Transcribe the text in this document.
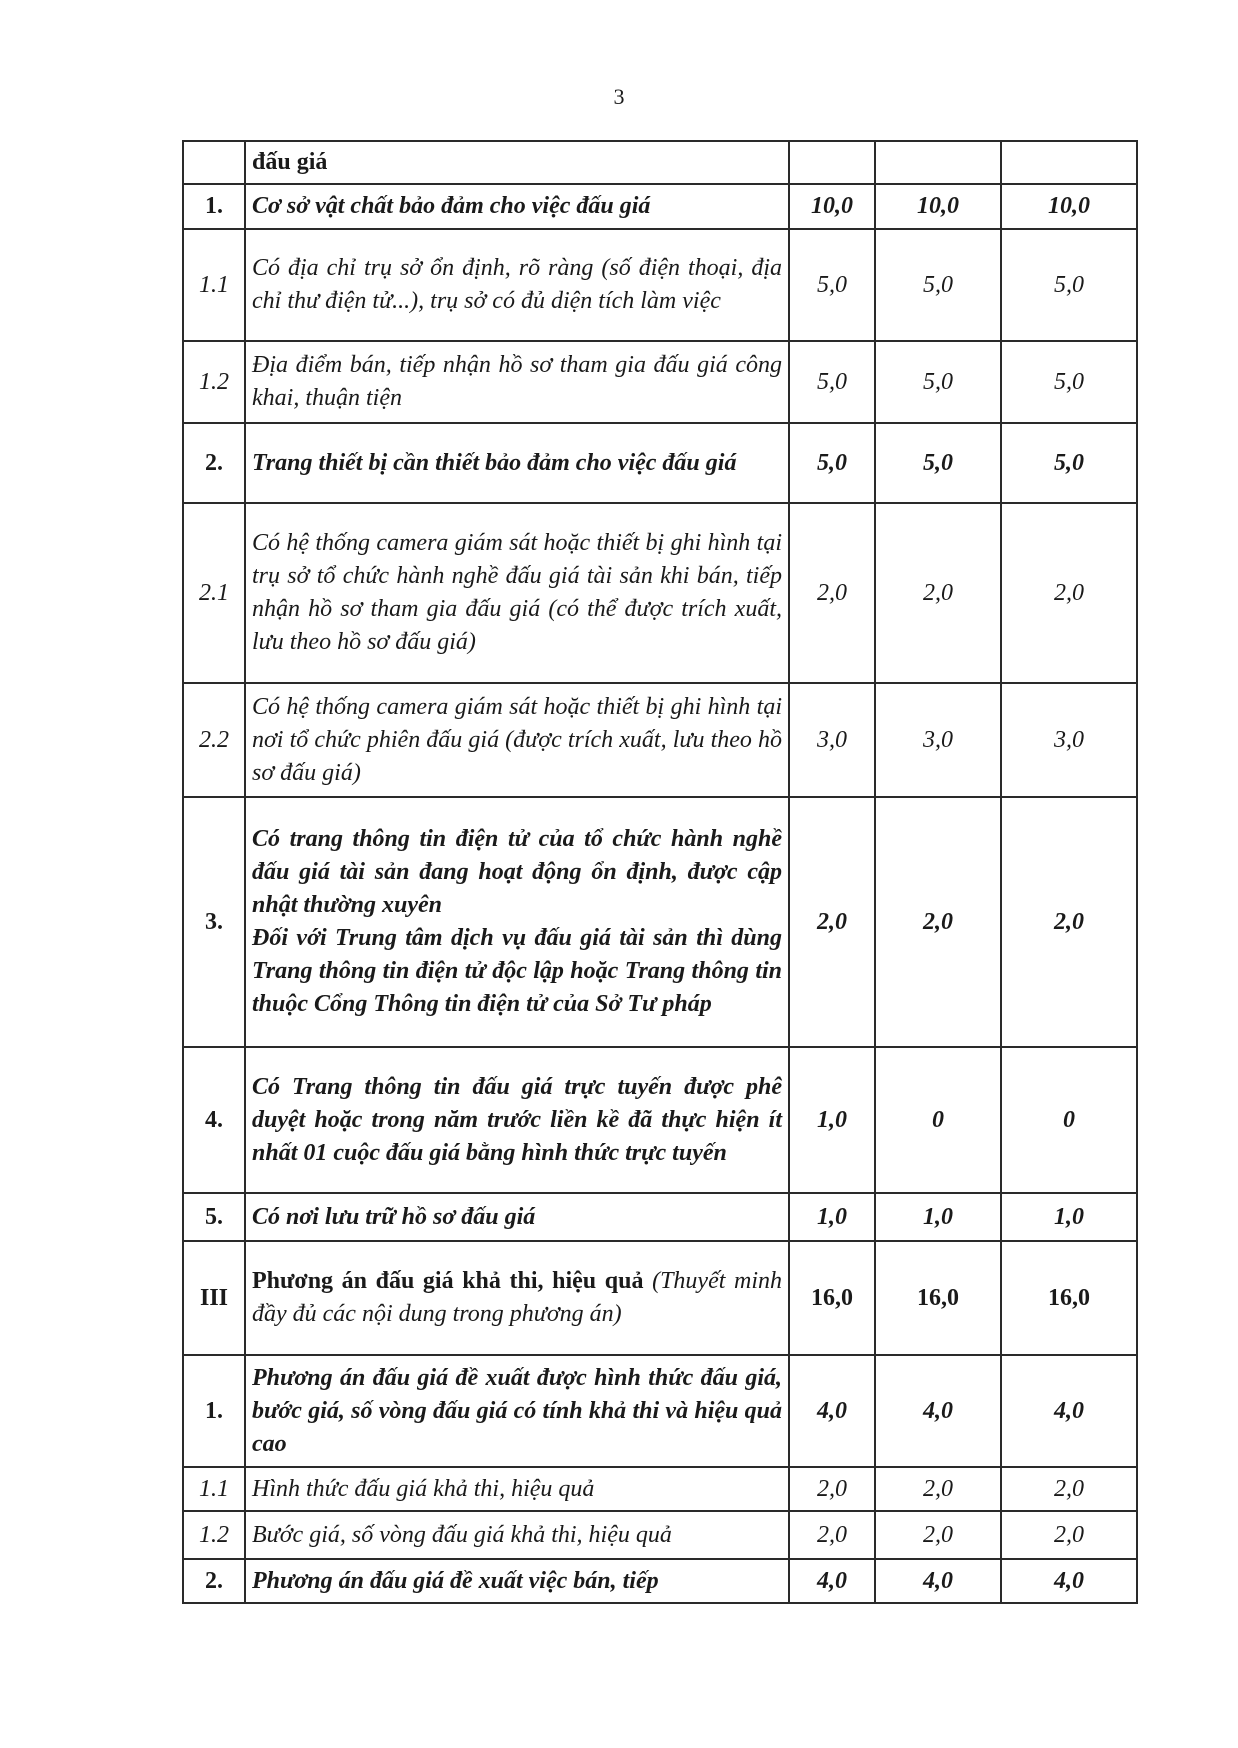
3
	đấu giá			
1.	Cơ sở vật chất bảo đảm cho việc đấu giá	10,0	10,0	10,0
1.1	Có địa chỉ trụ sở ổn định, rõ ràng (số điện thoại, địa chỉ thư điện tử...), trụ sở có đủ diện tích làm việc	5,0	5,0	5,0
1.2	Địa điểm bán, tiếp nhận hồ sơ tham gia đấu giá công khai, thuận tiện	5,0	5,0	5,0
2.	Trang thiết bị cần thiết bảo đảm cho việc đấu giá	5,0	5,0	5,0
2.1	Có hệ thống camera giám sát hoặc thiết bị ghi hình tại trụ sở tổ chức hành nghề đấu giá tài sản khi bán, tiếp nhận hồ sơ tham gia đấu giá (có thể được trích xuất, lưu theo hồ sơ đấu giá)	2,0	2,0	2,0
2.2	Có hệ thống camera giám sát hoặc thiết bị ghi hình tại nơi tổ chức phiên đấu giá (được trích xuất, lưu theo hồ sơ đấu giá)	3,0	3,0	3,0
3.	Có trang thông tin điện tử của tổ chức hành nghề đấu giá tài sản đang hoạt động ổn định, được cập nhật thường xuyên
Đối với Trung tâm dịch vụ đấu giá tài sản thì dùng Trang thông tin điện tử độc lập hoặc Trang thông tin thuộc Cổng Thông tin điện tử của Sở Tư pháp	2,0	2,0	2,0
4.	Có Trang thông tin đấu giá trực tuyến được phê duyệt hoặc trong năm trước liền kề đã thực hiện ít nhất 01 cuộc đấu giá bằng hình thức trực tuyến	1,0	0	0
5.	Có nơi lưu trữ hồ sơ đấu giá	1,0	1,0	1,0
III	Phương án đấu giá khả thi, hiệu quả (Thuyết minh đầy đủ các nội dung trong phương án)	16,0	16,0	16,0
1.	Phương án đấu giá đề xuất được hình thức đấu giá, bước giá, số vòng đấu giá có tính khả thi và hiệu quả cao	4,0	4,0	4,0
1.1	Hình thức đấu giá khả thi, hiệu quả	2,0	2,0	2,0
1.2	Bước giá, số vòng đấu giá khả thi, hiệu quả	2,0	2,0	2,0
2.	Phương án đấu giá đề xuất việc bán, tiếp	4,0	4,0	4,0
